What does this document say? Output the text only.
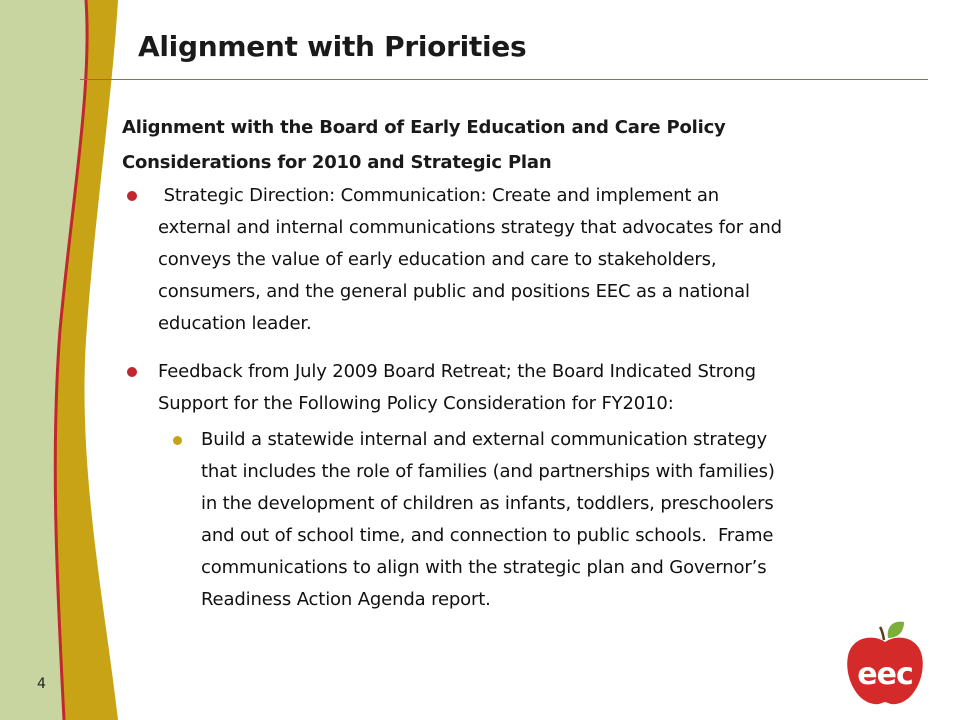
Alignment with Priorities

Alignment with the Board of Early Education and Care Policy
Considerations for 2010 and Strategic Plan

Strategic Direction: Communication: Create and implement an
external and internal communications strategy that advocates for and
conveys the value of early education and care to stakeholders,
consumers, and the general public and positions EEC as a national
education leader.
Feedback from July 2009 Board Retreat; the Board Indicated Strong
Support for the Following Policy Consideration for FY2010:
Build a statewide internal and external communication strategy
that includes the role of families (and partnerships with families)
in the development of children as infants, toddlers, preschoolers
and out of school time, and connection to public schools.  Frame
communications to align with the strategic plan and Governor’s
Readiness Action Agenda report.
4	eec
